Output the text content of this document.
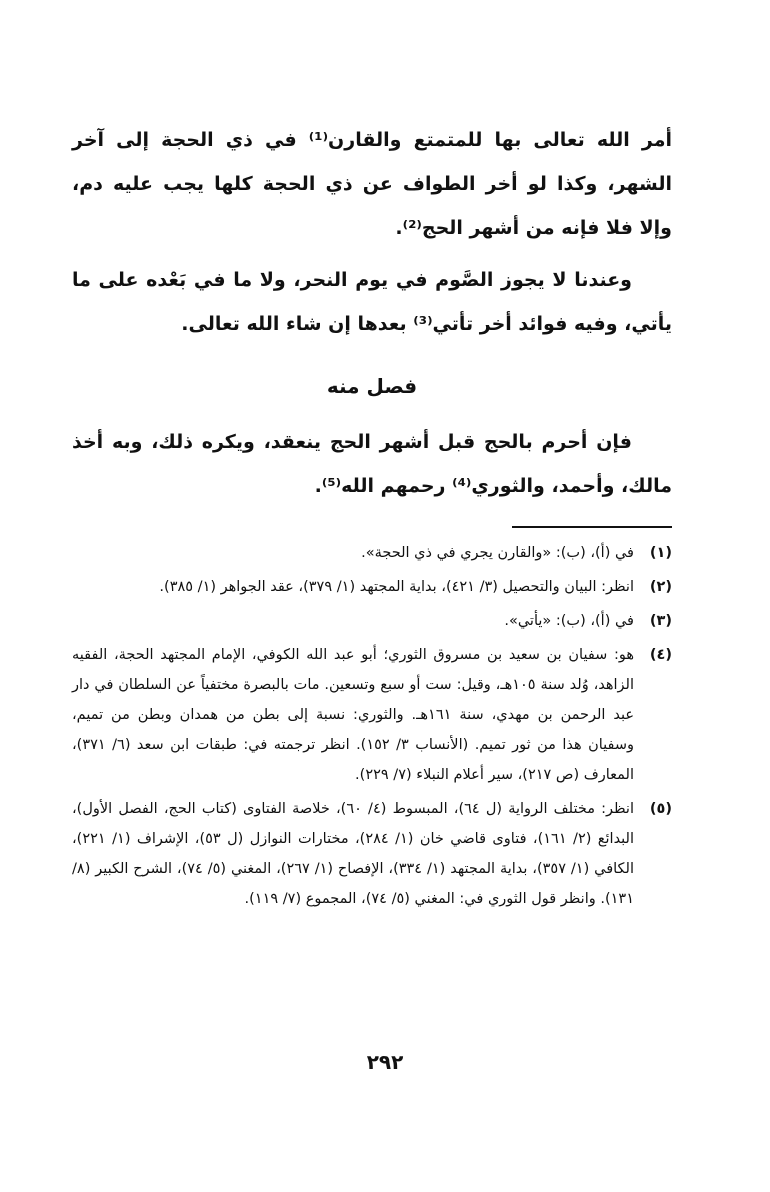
أمر الله تعالى بها للمتمتع والقارن⁽¹⁾ في ذي الحجة إلى آخر الشهر، وكذا لو أخر الطواف عن ذي الحجة كلها يجب عليه دم، وإلا فلا فإنه من أشهر الحج⁽²⁾.

وعندنا لا يجوز الصَّوم في يوم النحر، ولا ما في بَعْده على ما يأتي، وفيه فوائد أخر تأتي⁽³⁾ بعدها إن شاء الله تعالى.

فصل منه

فإن أحرم بالحج قبل أشهر الحج ينعقد، ويكره ذلك، وبه أخذ مالك، وأحمد، والثوري⁽⁴⁾ رحمهم الله⁽⁵⁾.

(١)
في (أ)، (ب): «والقارن يجري في ذي الحجة».
(٢)
انظر: البيان والتحصيل (٣/ ٤٢١)، بداية المجتهد (١/ ٣٧٩)، عقد الجواهر (١/ ٣٨٥).
(٣)
في (أ)، (ب): «يأتي».
(٤)
هو: سفيان بن سعيد بن مسروق الثوري؛ أبو عبد الله الكوفي، الإمام المجتهد الحجة، الفقيه الزاهد، وُلد سنة ١٠٥هـ، وقيل: ست أو سبع وتسعين. مات بالبصرة مختفياً عن السلطان في دار عبد الرحمن بن مهدي، سنة ١٦١هـ. والثوري: نسبة إلى بطن من همدان وبطن من تميم، وسفيان هذا من ثور تميم. (الأنساب ٣/ ١٥٢). انظر ترجمته في: طبقات ابن سعد (٦/ ٣٧١)، المعارف (ص ٢١٧)، سير أعلام النبلاء (٧/ ٢٢٩).
(٥)
انظر: مختلف الرواية (ل ٦٤)، المبسوط (٤/ ٦٠)، خلاصة الفتاوى (كتاب الحج، الفصل الأول)، البدائع (٢/ ١٦١)، فتاوى قاضي خان (١/ ٢٨٤)، مختارات النوازل (ل ٥٣)، الإشراف (١/ ٢٢١)، الكافي (١/ ٣٥٧)، بداية المجتهد (١/ ٣٣٤)، الإفصاح (١/ ٢٦٧)، المغني (٥/ ٧٤)، الشرح الكبير (٨/ ١٣١). وانظر قول الثوري في: المغني (٥/ ٧٤)، المجموع (٧/ ١١٩).
٢٩٢
